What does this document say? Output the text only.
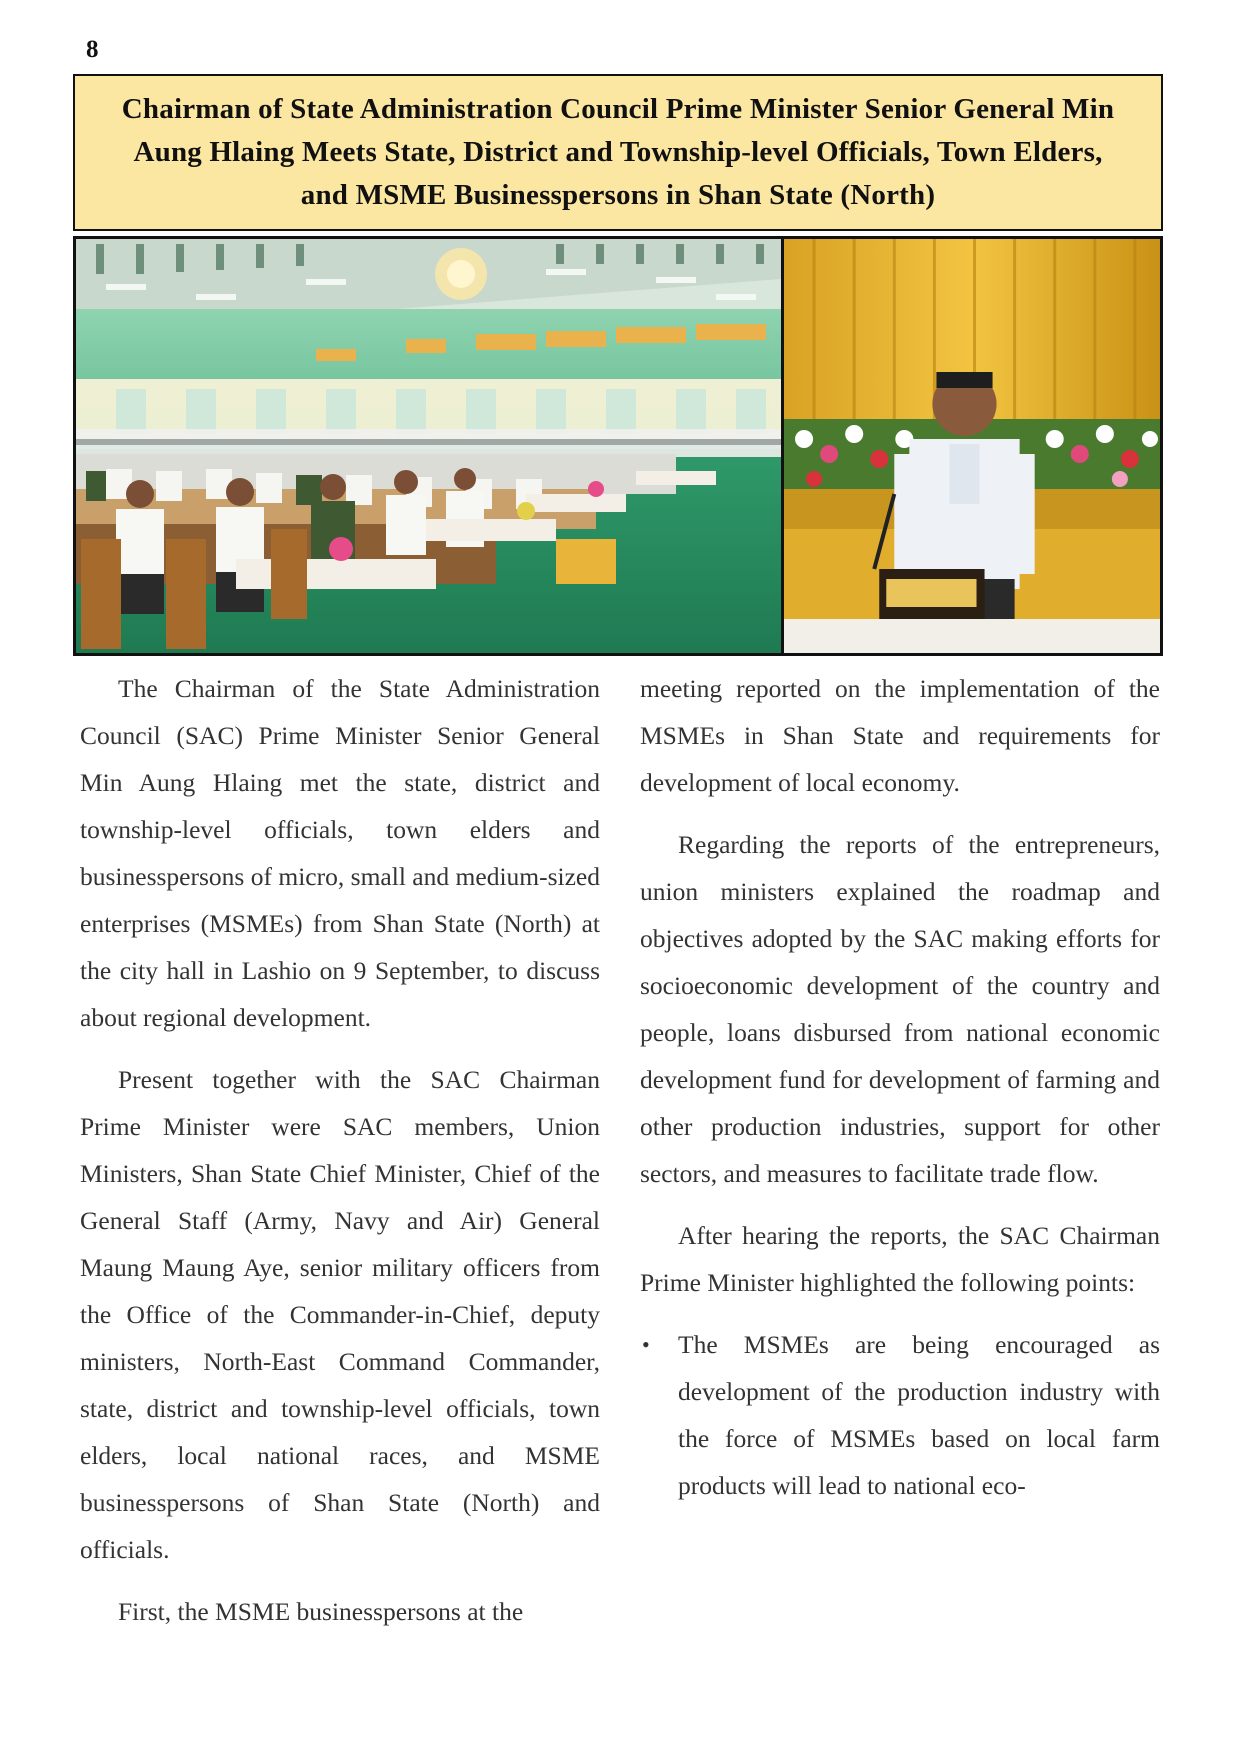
8
Chairman of State Administration Council Prime Minister Senior General Min Aung Hlaing Meets State, District and Township-level Officials, Town Elders, and MSME Businesspersons in Shan State (North)

The Chairman of the State Administration Council (SAC) Prime Minister Senior General Min Aung Hlaing met the state, district and township-level officials, town elders and businesspersons of micro, small and medium-sized enterprises (MSMEs) from Shan State (North) at the city hall in Lashio on 9 September, to discuss about regional development.

Present together with the SAC Chairman Prime Minister were SAC members, Union Ministers, Shan State Chief Minister, Chief of the General Staff (Army, Navy and Air) General Maung Maung Aye, senior military officers from the Office of the Commander-in-Chief, deputy ministers, North-East Command Commander, state, district and township-level officials, town elders, local national races, and MSME businesspersons of Shan State (North) and officials.

First, the MSME businesspersons at the

meeting reported on the implementation of the MSMEs in Shan State and requirements for development of local economy.

Regarding the reports of the entrepreneurs, union ministers explained the roadmap and objectives adopted by the SAC making efforts for socioeconomic development of the country and people, loans disbursed from national economic development fund for development of farming and other production industries, support for other sectors, and measures to facilitate trade flow.

After hearing the reports, the SAC Chairman Prime Minister highlighted the following points:

• The MSMEs are being encouraged as development of the production industry with the force of MSMEs based on local farm products will lead to national eco-
